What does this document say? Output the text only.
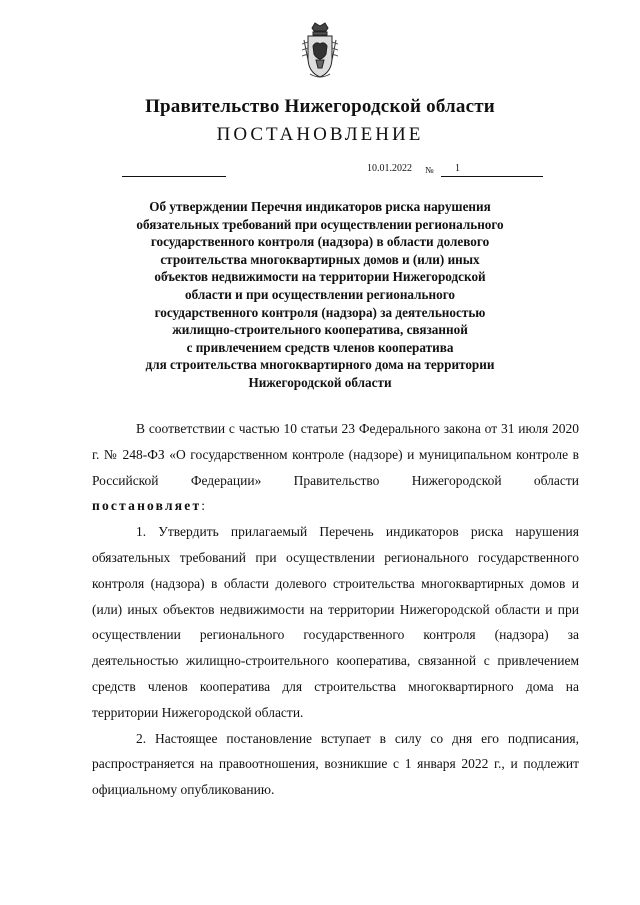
Правительство Нижегородской области
ПОСТАНОВЛЕНИЕ
10.01.2022 № 1
Об утверждении Перечня индикаторов риска нарушения
обязательных требований при осуществлении регионального
государственного контроля (надзора) в области долевого
строительства многоквартирных домов и (или) иных
объектов недвижимости на территории Нижегородской
области и при осуществлении регионального
государственного контроля (надзора) за деятельностью
жилищно-строительного кооператива, связанной
с привлечением средств членов кооператива
для строительства многоквартирного дома на территории
Нижегородской области

В соответствии с частью 10 статьи 23 Федерального закона от 31 июля 2020 г. № 248-ФЗ «О государственном контроле (надзоре) и муниципальном контроле в Российской Федерации» Правительство Нижегородской области постановляет:

1. Утвердить прилагаемый Перечень индикаторов риска нарушения обязательных требований при осуществлении регионального государственного контроля (надзора) в области долевого строительства многоквартирных домов и (или) иных объектов недвижимости на территории Нижегородской области и при осуществлении регионального государственного контроля (надзора) за деятельностью жилищно-строительного кооператива, связанной с привлечением средств членов кооператива для строительства многоквартирного дома на территории Нижегородской области.

2. Настоящее постановление вступает в силу со дня его подписания, распространяется на правоотношения, возникшие с 1 января 2022 г., и подлежит официальному опубликованию.
